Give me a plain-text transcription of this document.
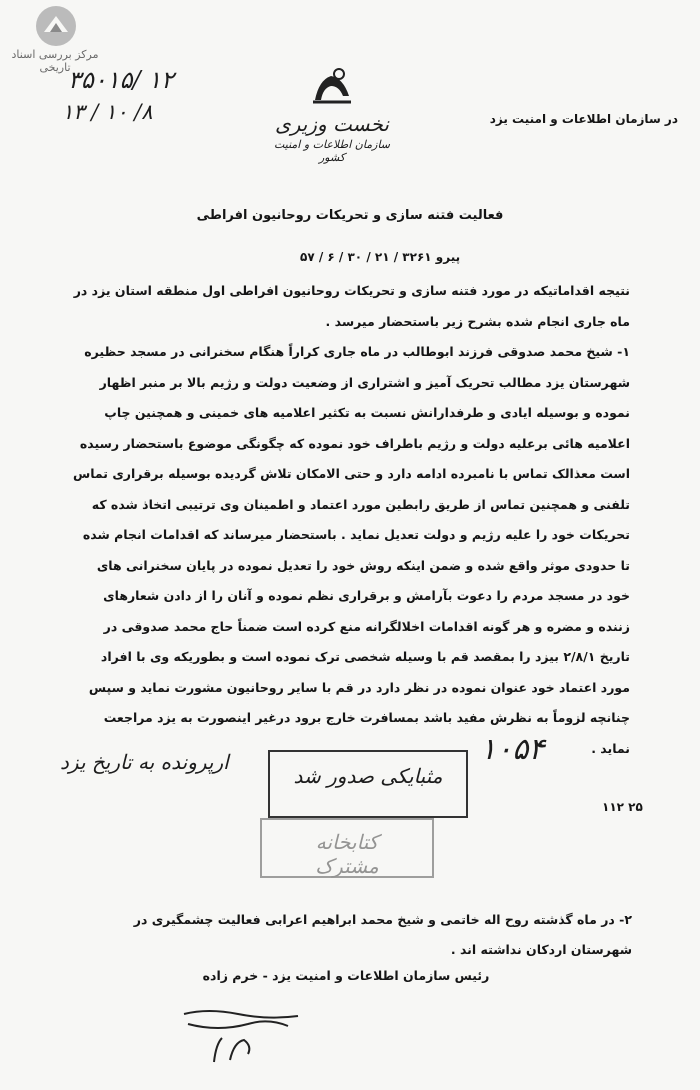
مرکز بررسی اسناد تاریخی
۳۵۰۱۵/ ۱۲
۱۳ / ۱۰ /۸	نخست وزیری
سازمان اطلاعات و امنیت کشور
در سازمان اطلاعات و امنیت یزد
فعالیت فتنه سازی و تحریکات روحانیون افراطی
پیرو ۳۲۶۱ / ۲۱ / ۳۰ / ۶ / ۵۷

نتیجه اقداماتیکه در مورد فتنه سازی و تحریکات روحانیون افراطی اول منطقه استان یزد در ماه جاری انجام شده بشرح زیر باستحضار میرسد .

۱- شیخ محمد صدوقی فرزند ابوطالب در ماه جاری کراراً هنگام سخنرانی در مسجد حظیره شهرستان یزد مطالب تحریک آمیز و اشتراری از وضعیت دولت و رژیم بالا بر منبر اظهار نموده و بوسیله ایادی و طرفدارانش نسبت به تکثیر اعلامیه های خمینی و همچنین چاپ اعلامیه هائی برعلیه دولت و رژیم باطراف خود نموده که چگونگی موضوع باستحضار رسیده است معذالک تماس با نامبرده ادامه دارد و حتی الامکان تلاش گردیده بوسیله برقراری تماس تلفنی و همچنین تماس از طریق رابطین مورد اعتماد و اطمینان وی ترتیبی اتخاذ شده که تحریکات خود را علیه رژیم و دولت تعدیل نماید . باستحضار میرساند که اقدامات انجام شده تا حدودی موثر واقع شده و ضمن اینکه روش خود را تعدیل نموده در پایان سخنرانی های خود در مسجد مردم را دعوت بآرامش و برقراری نظم نموده و آنان را از دادن شعارهای زننده و مضره و هر گونه اقدامات اخلالگرانه منع کرده است ضمناً حاج محمد صدوقی در تاریخ ۲/۸/۱ بیزد را بمقصد قم با وسیله شخصی ترک نموده است و بطوریکه وی با افراد مورد اعتماد خود عنوان نموده در نظر دارد در قم با سایر روحانیون مشورت نماید و سپس چنانچه لزوماً به نظرش مفید باشد بمسافرت خارج برود درغیر اینصورت به یزد مراجعت نماید .

ارپرونده به تاریخ یزد	۱۰۵۴
۱۱۲ ۲۵
مثبایکی صدور شد
کتابخانه مشترک

۲- در ماه گذشته روح اله خاتمی و شیخ محمد ابراهیم اعرابی فعالیت چشمگیری در شهرستان اردکان نداشته اند .

رئیس سازمان اطلاعات و امنیت یزد - خرم زاده
